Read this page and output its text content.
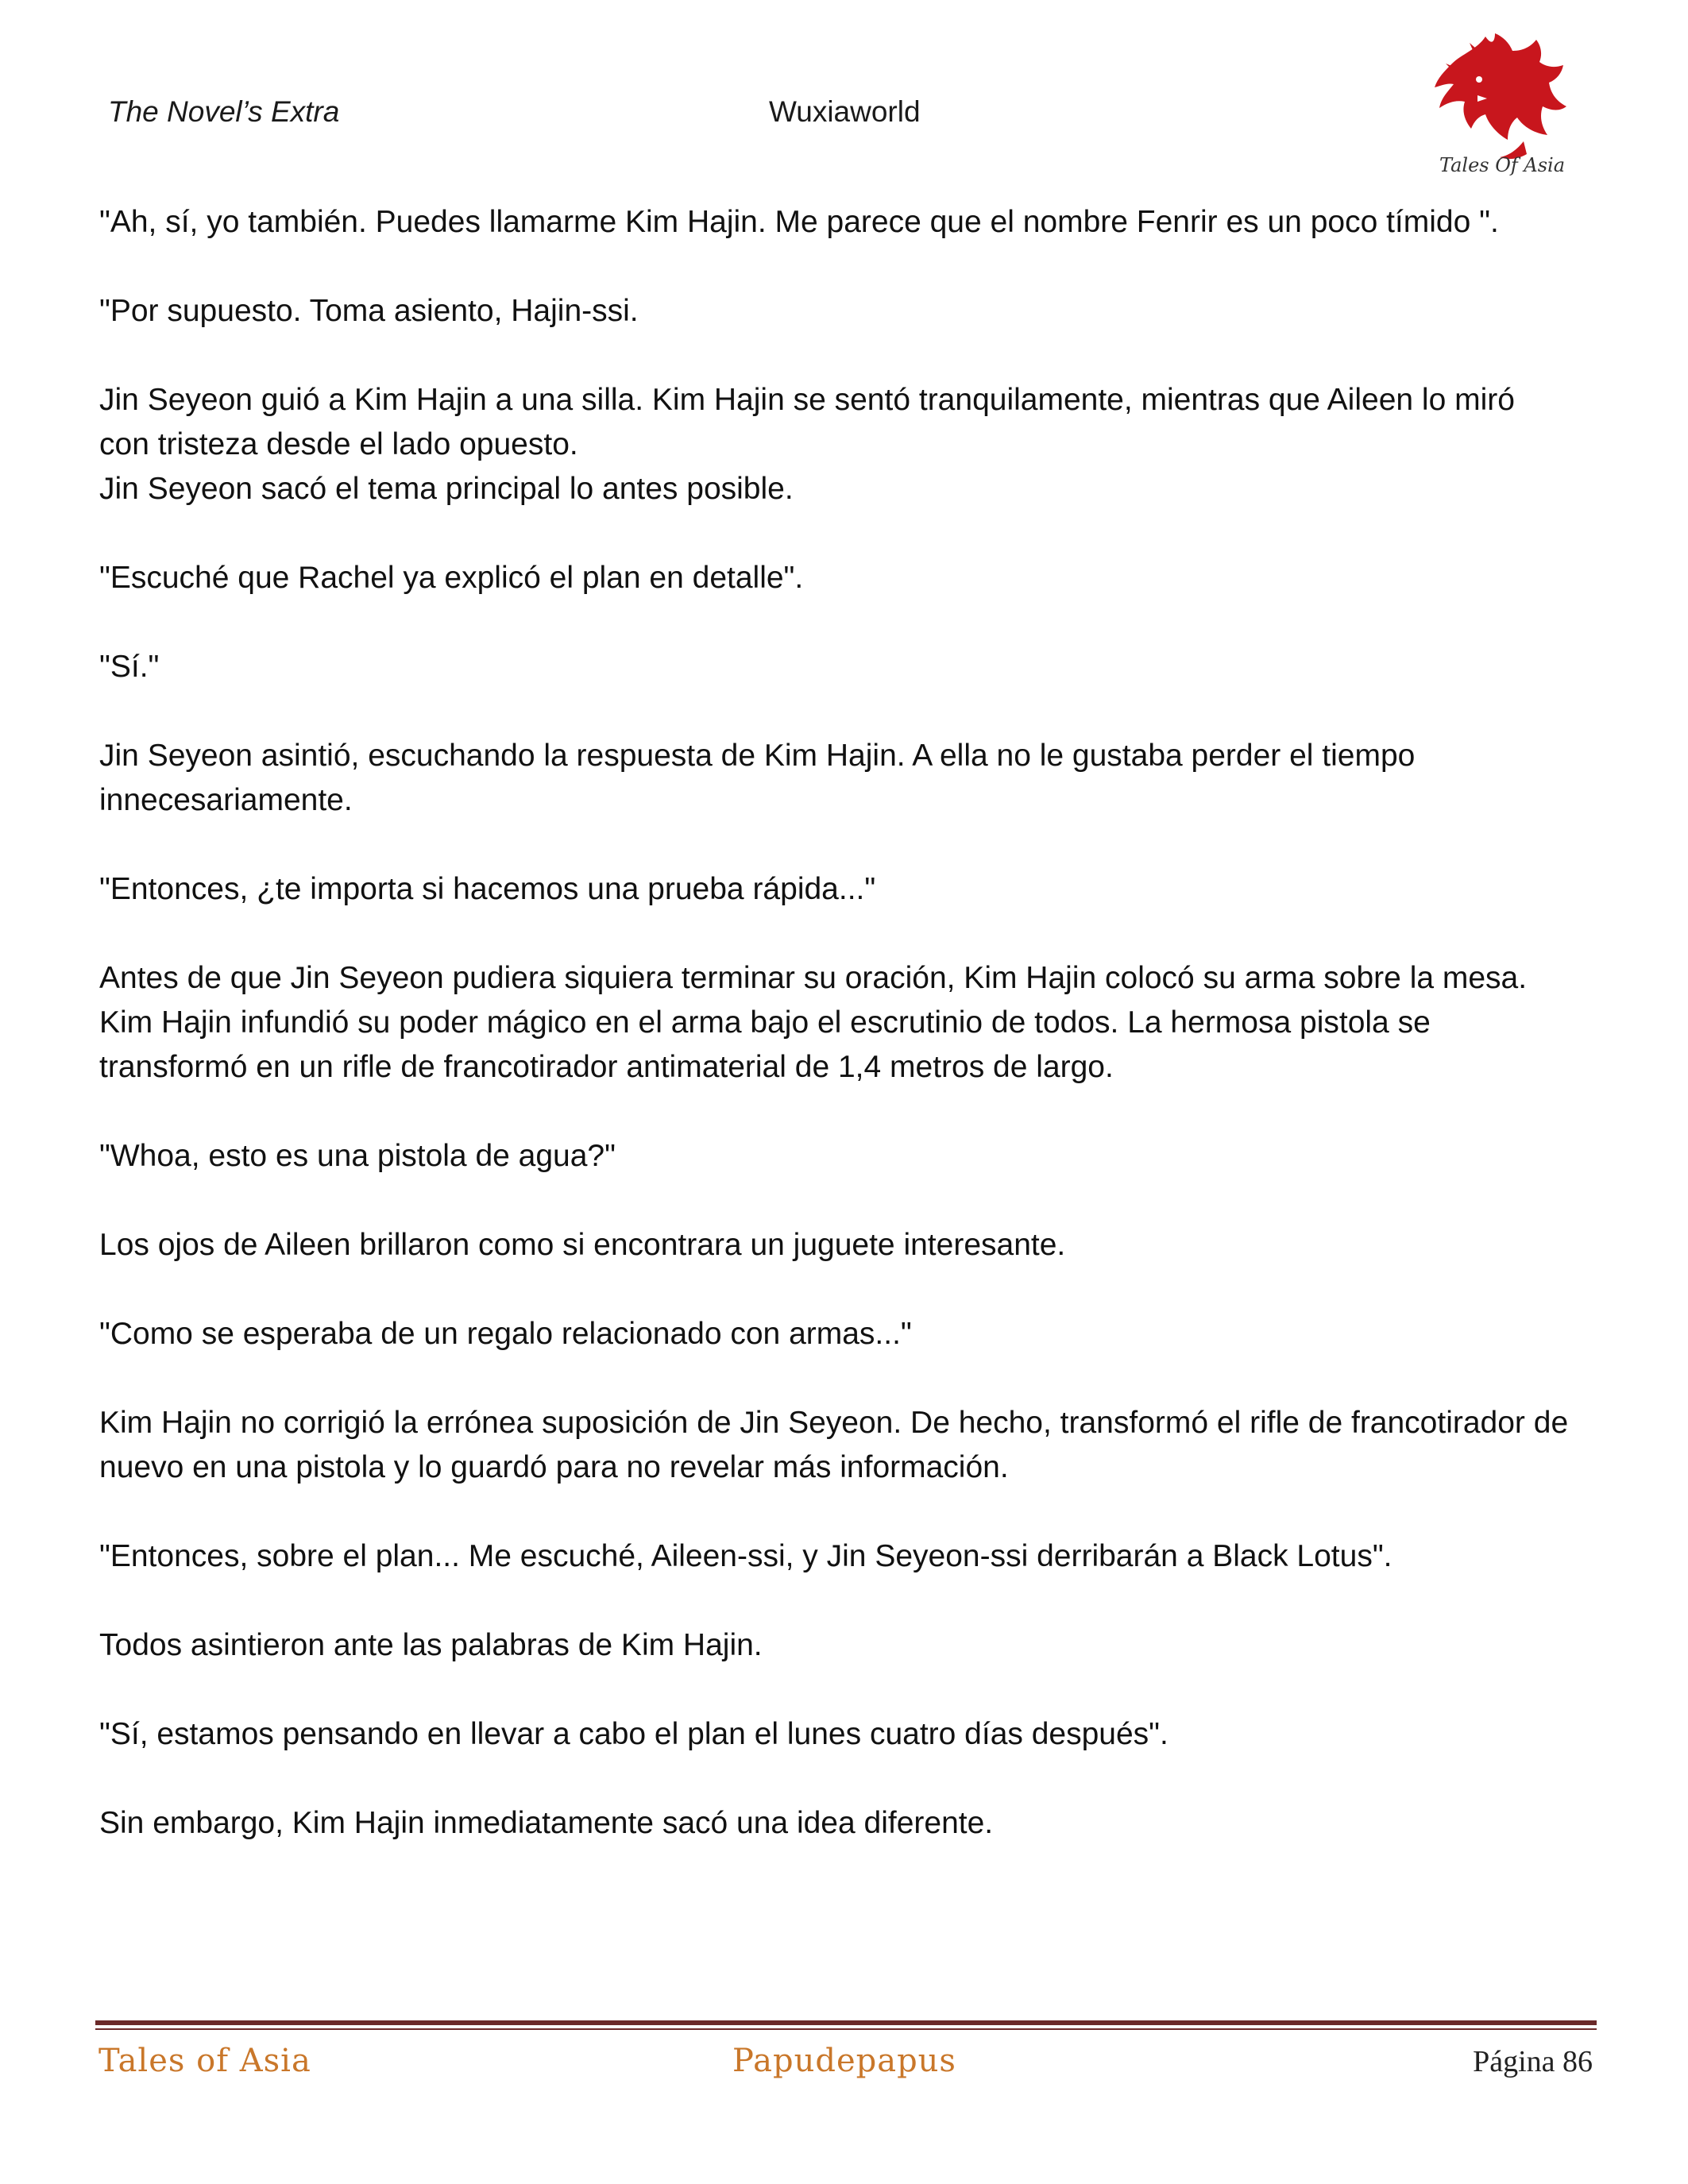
The Novel’s Extra	Wuxiaworld
Tales Of Asia

"Ah, sí, yo también. Puedes llamarme Kim Hajin. Me parece que el nombre Fenrir es un poco tímido ".

"Por supuesto. Toma asiento, Hajin-ssi.

Jin Seyeon guió a Kim Hajin a una silla. Kim Hajin se sentó tranquilamente, mientras que Aileen lo miró con tristeza desde el lado opuesto.

Jin Seyeon sacó el tema principal lo antes posible.

"Escuché que Rachel ya explicó el plan en detalle".

"Sí."

Jin Seyeon asintió, escuchando la respuesta de Kim Hajin. A ella no le gustaba perder el tiempo innecesariamente.

"Entonces, ¿te importa si hacemos una prueba rápida..."

Antes de que Jin Seyeon pudiera siquiera terminar su oración, Kim Hajin colocó su arma sobre la mesa.

Kim Hajin infundió su poder mágico en el arma bajo el escrutinio de todos. La hermosa pistola se transformó en un rifle de francotirador antimaterial de 1,4 metros de largo.

"Whoa, esto es una pistola de agua?"

Los ojos de Aileen brillaron como si encontrara un juguete interesante.

"Como se esperaba de un regalo relacionado con armas..."

Kim Hajin no corrigió la errónea suposición de Jin Seyeon. De hecho, transformó el rifle de francotirador de nuevo en una pistola y lo guardó para no revelar más información.

"Entonces, sobre el plan... Me escuché, Aileen-ssi, y Jin Seyeon-ssi derribarán a Black Lotus".

Todos asintieron ante las palabras de Kim Hajin.

"Sí, estamos pensando en llevar a cabo el plan el lunes cuatro días después".

Sin embargo, Kim Hajin inmediatamente sacó una idea diferente.

Tales of Asia	Papudepapus	Página 86
